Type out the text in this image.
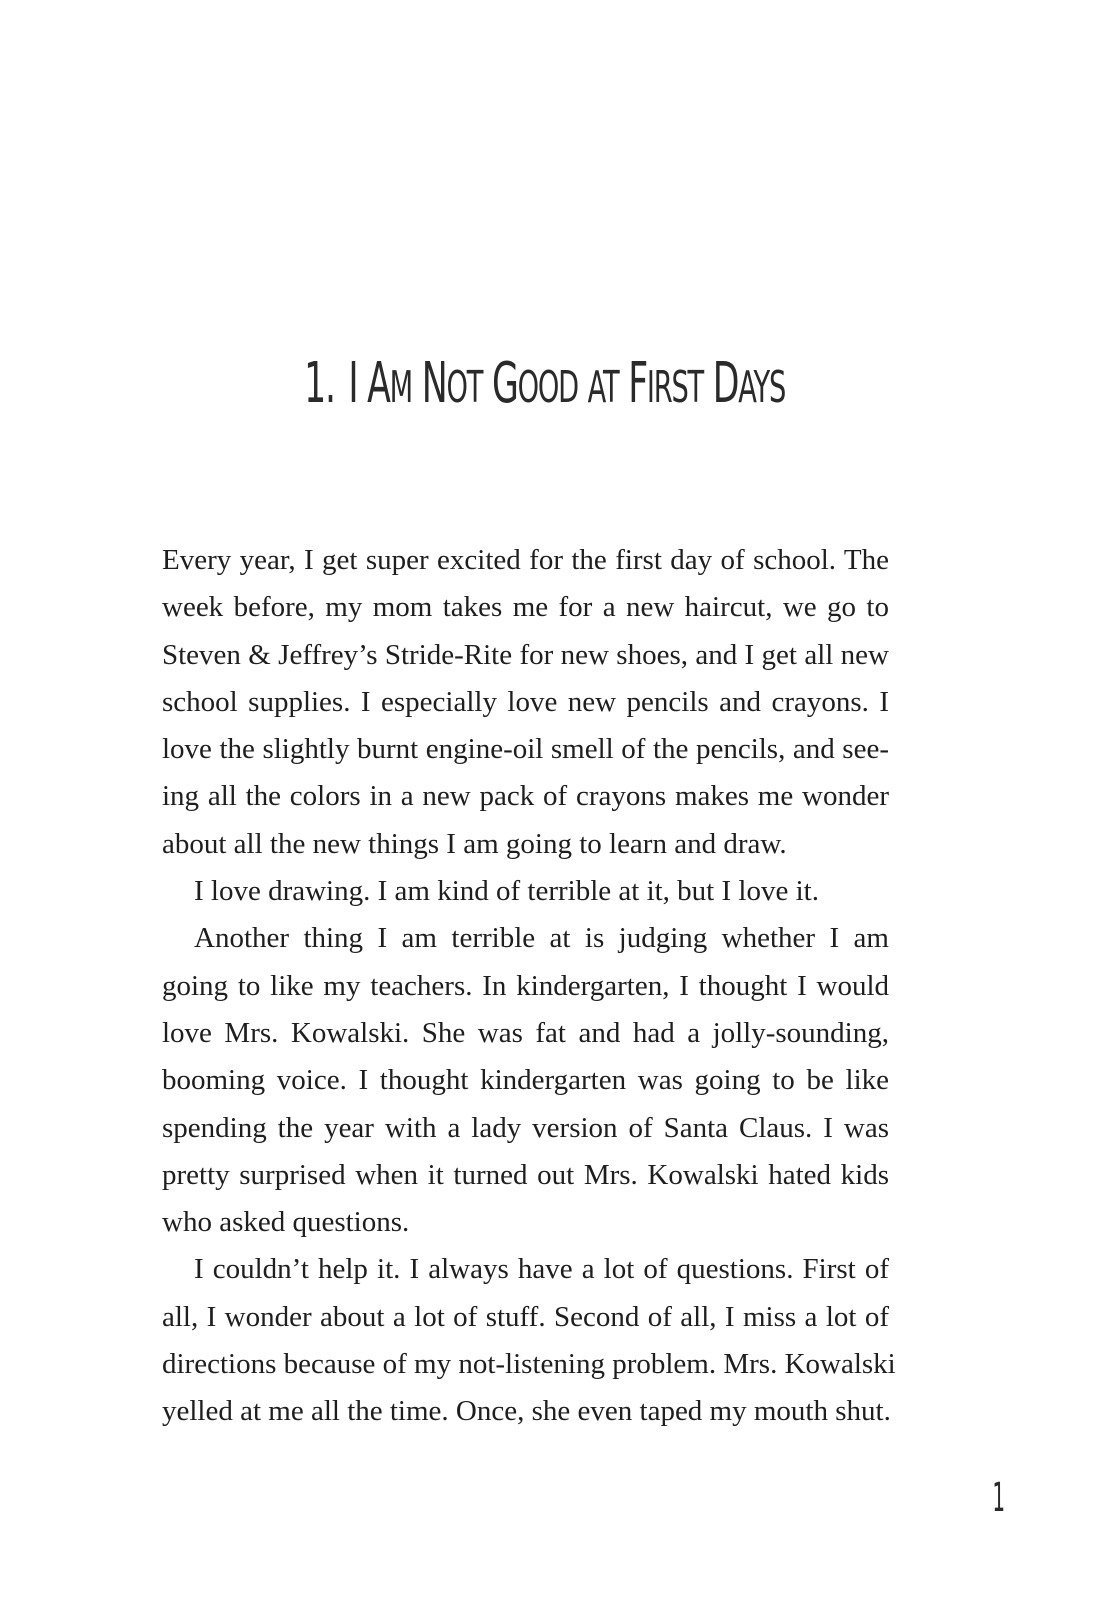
1. I AM NOT GOOD AT FIRST DAYS

Every year, I get super excited for the first day of school. The
week before, my mom takes me for a new haircut, we go to
Steven & Jeffrey’s Stride-Rite for new shoes, and I get all new
school supplies. I especially love new pencils and crayons. I
love the slightly burnt engine-oil smell of the pencils, and see-
ing all the colors in a new pack of crayons makes me wonder
about all the new things I am going to learn and draw.

I love drawing. I am kind of terrible at it, but I love it.

Another thing I am terrible at is judging whether I am
going to like my teachers. In kindergarten, I thought I would
love Mrs. Kowalski. She was fat and had a jolly-sounding,
booming voice. I thought kindergarten was going to be like
spending the year with a lady version of Santa Claus. I was
pretty surprised when it turned out Mrs. Kowalski hated kids
who asked questions.

I couldn’t help it. I always have a lot of questions. First of
all, I wonder about a lot of stuff. Second of all, I miss a lot of
directions because of my not-listening problem. Mrs. Kowalski
yelled at me all the time. Once, she even taped my mouth shut.

1
